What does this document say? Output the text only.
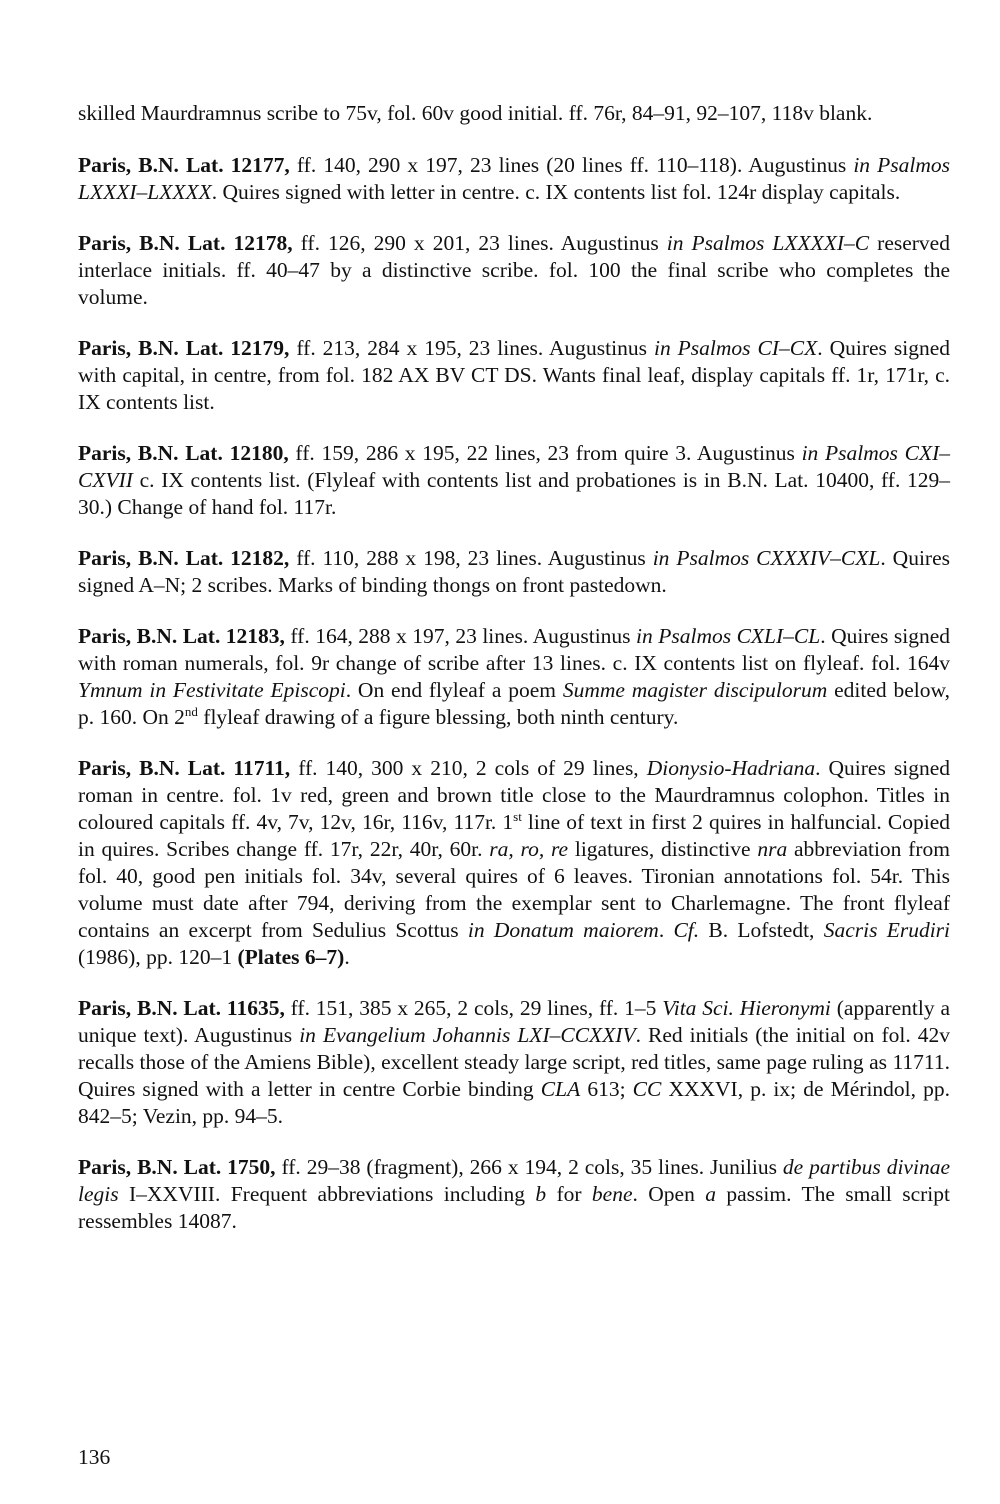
skilled Maurdramnus scribe to 75v, fol. 60v good initial. ff. 76r, 84–91, 92–107, 118v blank.

Paris, B.N. Lat. 12177, ff. 140, 290 x 197, 23 lines (20 lines ff. 110–118). Augustinus in Psalmos LXXXI–LXXXX. Quires signed with letter in centre. c. IX contents list fol. 124r display capitals.

Paris, B.N. Lat. 12178, ff. 126, 290 x 201, 23 lines. Augustinus in Psalmos LXXXXI–C reserved interlace initials. ff. 40–47 by a distinctive scribe. fol. 100 the final scribe who completes the volume.

Paris, B.N. Lat. 12179, ff. 213, 284 x 195, 23 lines. Augustinus in Psalmos CI–CX. Quires signed with capital, in centre, from fol. 182 AX BV CT DS. Wants final leaf, display capitals ff. 1r, 171r, c. IX contents list.

Paris, B.N. Lat. 12180, ff. 159, 286 x 195, 22 lines, 23 from quire 3. Augustinus in Psalmos CXI–CXVII c. IX contents list. (Flyleaf with contents list and probationes is in B.N. Lat. 10400, ff. 129–30.) Change of hand fol. 117r.

Paris, B.N. Lat. 12182, ff. 110, 288 x 198, 23 lines. Augustinus in Psalmos CXXXIV–CXL. Quires signed A–N; 2 scribes. Marks of binding thongs on front pastedown.

Paris, B.N. Lat. 12183, ff. 164, 288 x 197, 23 lines. Augustinus in Psalmos CXLI–CL. Quires signed with roman numerals, fol. 9r change of scribe after 13 lines. c. IX contents list on flyleaf. fol. 164v Ymnum in Festivitate Episcopi. On end flyleaf a poem Summe magister discipulorum edited below, p. 160. On 2nd flyleaf drawing of a figure blessing, both ninth century.

Paris, B.N. Lat. 11711, ff. 140, 300 x 210, 2 cols of 29 lines, Dionysio-Hadriana. Quires signed roman in centre. fol. 1v red, green and brown title close to the Maurdramnus colophon. Titles in coloured capitals ff. 4v, 7v, 12v, 16r, 116v, 117r. 1st line of text in first 2 quires in halfuncial. Copied in quires. Scribes change ff. 17r, 22r, 40r, 60r. ra, ro, re ligatures, distinctive nra abbreviation from fol. 40, good pen initials fol. 34v, several quires of 6 leaves. Tironian annotations fol. 54r. This volume must date after 794, deriving from the exemplar sent to Charlemagne. The front flyleaf contains an excerpt from Sedulius Scottus in Donatum maiorem. Cf. B. Lofstedt, Sacris Erudiri (1986), pp. 120–1 (Plates 6–7).

Paris, B.N. Lat. 11635, ff. 151, 385 x 265, 2 cols, 29 lines, ff. 1–5 Vita Sci. Hieronymi (apparently a unique text). Augustinus in Evangelium Johannis LXI–CCXXIV. Red initials (the initial on fol. 42v recalls those of the Amiens Bible), excellent steady large script, red titles, same page ruling as 11711. Quires signed with a letter in centre Corbie binding CLA 613; CC XXXVI, p. ix; de Mérindol, pp. 842–5; Vezin, pp. 94–5.

Paris, B.N. Lat. 1750, ff. 29–38 (fragment), 266 x 194, 2 cols, 35 lines. Junilius de partibus divinae legis I–XXVIII. Frequent abbreviations including b for bene. Open a passim. The small script ressembles 14087.

136
